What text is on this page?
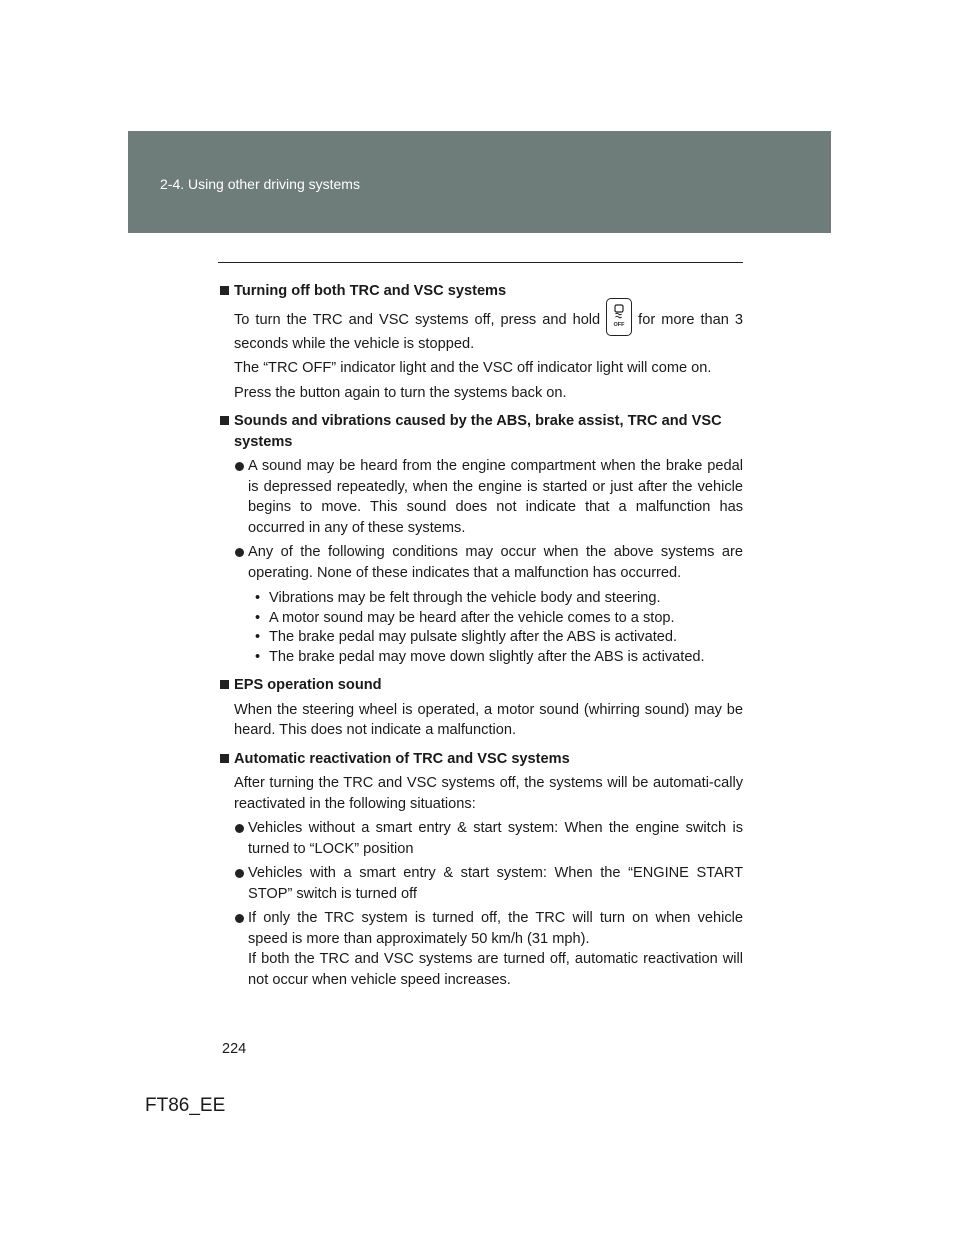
2-4. Using other driving systems
Turning off both TRC and VSC systems
To turn the TRC and VSC systems off, press and hold OFF for more than 3 seconds while the vehicle is stopped.
The “TRC OFF” indicator light and the VSC off indicator light will come on.
Press the button again to turn the systems back on.
Sounds and vibrations caused by the ABS, brake assist, TRC and VSC systems
A sound may be heard from the engine compartment when the brake pedal is depressed repeatedly, when the engine is started or just after the vehicle begins to move. This sound does not indicate that a malfunction has occurred in any of these systems.
Any of the following conditions may occur when the above systems are operating. None of these indicates that a malfunction has occurred.
• Vibrations may be felt through the vehicle body and steering.
• A motor sound may be heard after the vehicle comes to a stop.
• The brake pedal may pulsate slightly after the ABS is activated.
• The brake pedal may move down slightly after the ABS is activated.
EPS operation sound
When the steering wheel is operated, a motor sound (whirring sound) may be heard. This does not indicate a malfunction.
Automatic reactivation of TRC and VSC systems
After turning the TRC and VSC systems off, the systems will be automati-cally reactivated in the following situations:
Vehicles without a smart entry & start system: When the engine switch is turned to “LOCK” position
Vehicles with a smart entry & start system: When the “ENGINE START STOP” switch is turned off
If only the TRC system is turned off, the TRC will turn on when vehicle speed is more than approximately 50 km/h (31 mph).
If both the TRC and VSC systems are turned off, automatic reactivation will not occur when vehicle speed increases.
224
FT86_EE
